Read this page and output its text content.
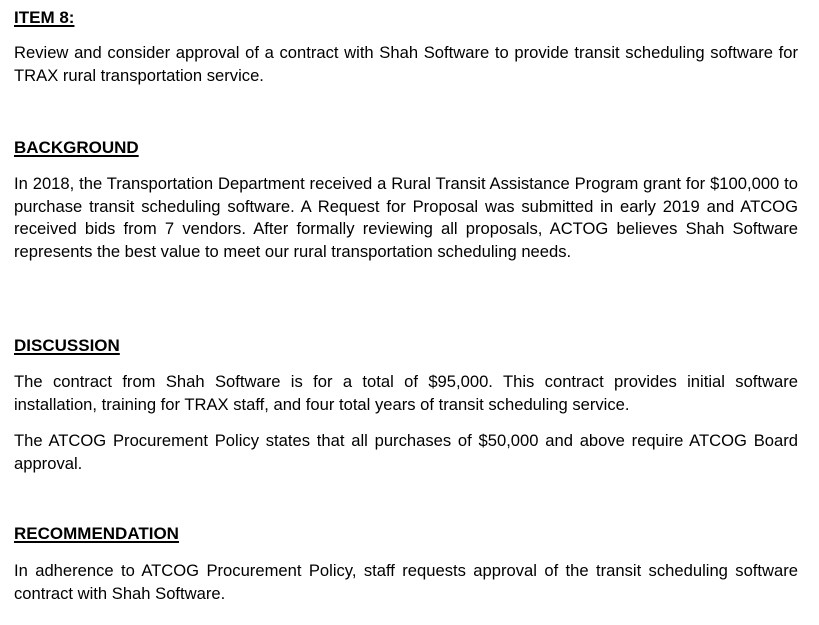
ITEM 8:

Review and consider approval of a contract with Shah Software to provide transit scheduling software for TRAX rural transportation service.

BACKGROUND

In 2018, the Transportation Department received a Rural Transit Assistance Program grant for $100,000 to purchase transit scheduling software. A Request for Proposal was submitted in early 2019 and ATCOG received bids from 7 vendors. After formally reviewing all proposals, ACTOG believes Shah Software represents the best value to meet our rural transportation scheduling needs.

DISCUSSION

The contract from Shah Software is for a total of $95,000. This contract provides initial software installation, training for TRAX staff, and four total years of transit scheduling service.

The ATCOG Procurement Policy states that all purchases of $50,000 and above require ATCOG Board approval.

RECOMMENDATION

In adherence to ATCOG Procurement Policy, staff requests approval of the transit scheduling software contract with Shah Software.
